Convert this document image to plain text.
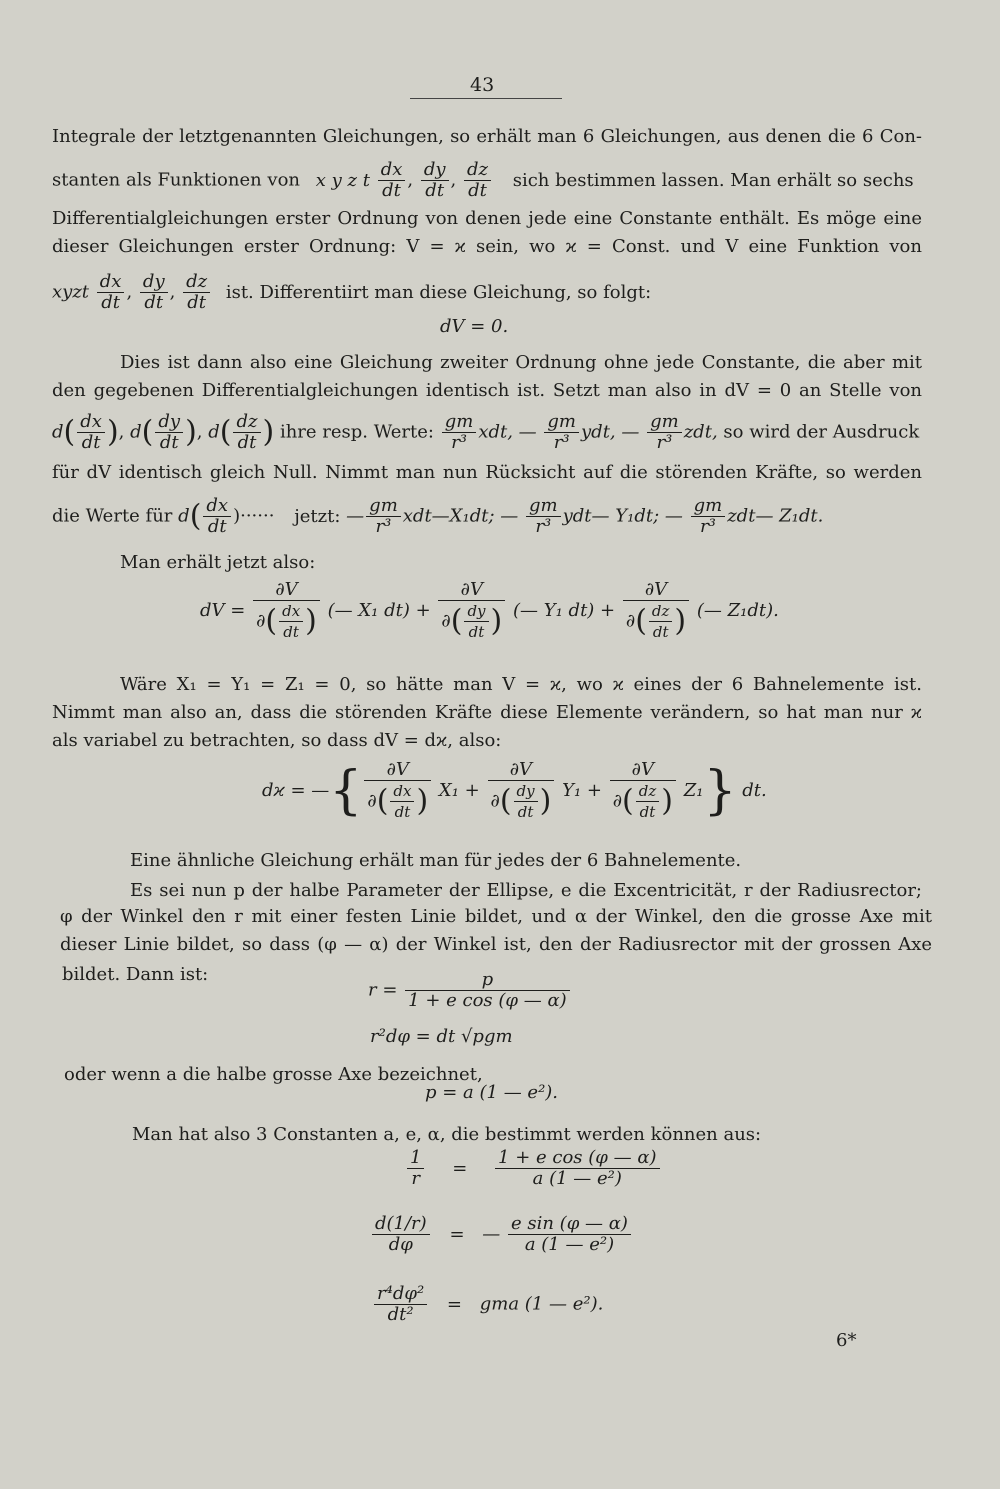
43
Integrale der letztgenannten Gleichungen, so erhält man 6 Gleichungen, aus denen die 6 Con-
stanten als Funktionen von x y z t $\frac{dx}{dt}$ , $\frac{dy}{dt}$ , $\frac{dz}{dt}$ sich bestimmen lassen. Man erhält so sechs
Differentialgleichungen erster Ordnung von denen jede eine Constante enthält. Es möge eine
dieser Gleichungen erster Ordnung: V = ϰ sein, wo ϰ = Const. und V eine Funktion von
xyzt $\frac{dx}{dt}$ , $\frac{dy}{dt}$ , $\frac{dz}{dt}$ ist. Differentiirt man diese Gleichung, so folgt:
dV = 0.
Dies ist dann also eine Gleichung zweiter Ordnung ohne jede Constante, die aber mit
den gegebenen Differentialgleichungen identisch ist. Setzt man also in dV = 0 an Stelle von
$d( \frac{dx}{dt}$ ), $d( \frac{dy}{dt}$ ), $d( \frac{dz}{dt}$ ) ihre resp. Werte: $\frac{gm}{\text{r³}}$ xdt, — $\frac{gm}{\text{r³}}$ ydt, — $\frac{gm}{\text{r³}}$ zdt, so wird der Ausdruck
für dV identisch gleich Null. Nimmt man nun Rücksicht auf die störenden Kräfte, so werden
die Werte für $d( \frac{dx}{dt}$ )······ jetzt: — $\frac{gm}{\text{r³}}$ xdt—X₁dt; — $\frac{gm}{\text{r³}}$ ydt— Y₁dt; — $\frac{gm}{\text{r³}}$ zdt— Z₁dt.
Man erhält jetzt also:
dV = $\frac{\partial V}{\partial( \frac{dx}{dt} )}$ (— X₁ $dt) + \frac{\partial V}{\partial( \frac{dy}{dt} )}$ (— Y₁ $dt) + \frac{\partial V}{\partial( \frac{dz}{dt} )}$ (— Z₁dt).
Wäre X₁ = Y₁ = Z₁ = 0, so hätte man V = ϰ, wo ϰ eines der 6 Bahnelemente ist.
Nimmt man also an, dass die störenden Kräfte diese Elemente verändern, so hat man nur ϰ
als variabel zu betrachten, so dass dV = dϰ, also:
dϰ = —{ $\frac{\partial V}{\partial( \frac{dx}{dt} )} X_1 + \frac{\partial V}{\partial( \frac{dy}{dt} )} Y_1 + \frac{\partial V}{\partial( \frac{dz}{dt} )} Z_1$} dt.
Eine ähnliche Gleichung erhält man für jedes der 6 Bahnelemente.
Es sei nun p der halbe Parameter der Ellipse, e die Excentricität, r der Radiusrector;
φ der Winkel den r mit einer festen Linie bildet, und α der Winkel, den die grosse Axe mit
dieser Linie bildet, so dass (φ — α) der Winkel ist, den der Radiusrector mit der grossen Axe
bildet. Dann ist:
$r = \frac{p}{\text{1 + e cos (φ — α)}}$
r²dφ = dt √pgm
oder wenn a die halbe grosse Axe bezeichnet,
p = a (1 — e²).
Man hat also 3 Constanten a, e, α, die bestimmt werden können aus:
$\frac{1}{r} = \frac{\text{1 + e cos (φ — α)}}{\text{a (1 — e²)}}$
$\frac{d(1/r)}{d\varphi}$ = — $\frac{\text{e sin (φ — α)}}{\text{a (1 — e²)}}$
$\frac{\text{r⁴dφ²}}{\text{dt²}}$ = gma (1 — e²).
6*
